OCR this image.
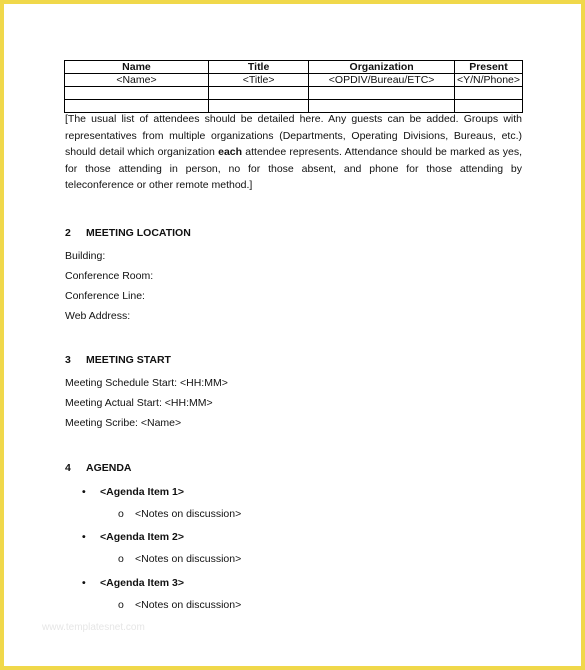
Name	Title	Organization	Present
<Name>	<Title>	<OPDIV/Bureau/ETC>	<Y/N/Phone>

[The usual list of attendees should be detailed here. Any guests can be added. Groups with representatives from multiple organizations (Departments, Operating Divisions, Bureaus, etc.) should detail which organization each attendee represents. Attendance should be marked as yes, for those attending in person, no for those absent, and phone for those attending by teleconference or other remote method.]
2 MEETING LOCATION
Building:
Conference Room:
Conference Line:
Web Address:
3 MEETING START
Meeting Schedule Start: <HH:MM>
Meeting Actual Start: <HH:MM>
Meeting Scribe: <Name>
4 AGENDA
• <Agenda Item 1>
o <Notes on discussion>
• <Agenda Item 2>
o <Notes on discussion>
• <Agenda Item 3>
o <Notes on discussion>
www.templatesnet.com
